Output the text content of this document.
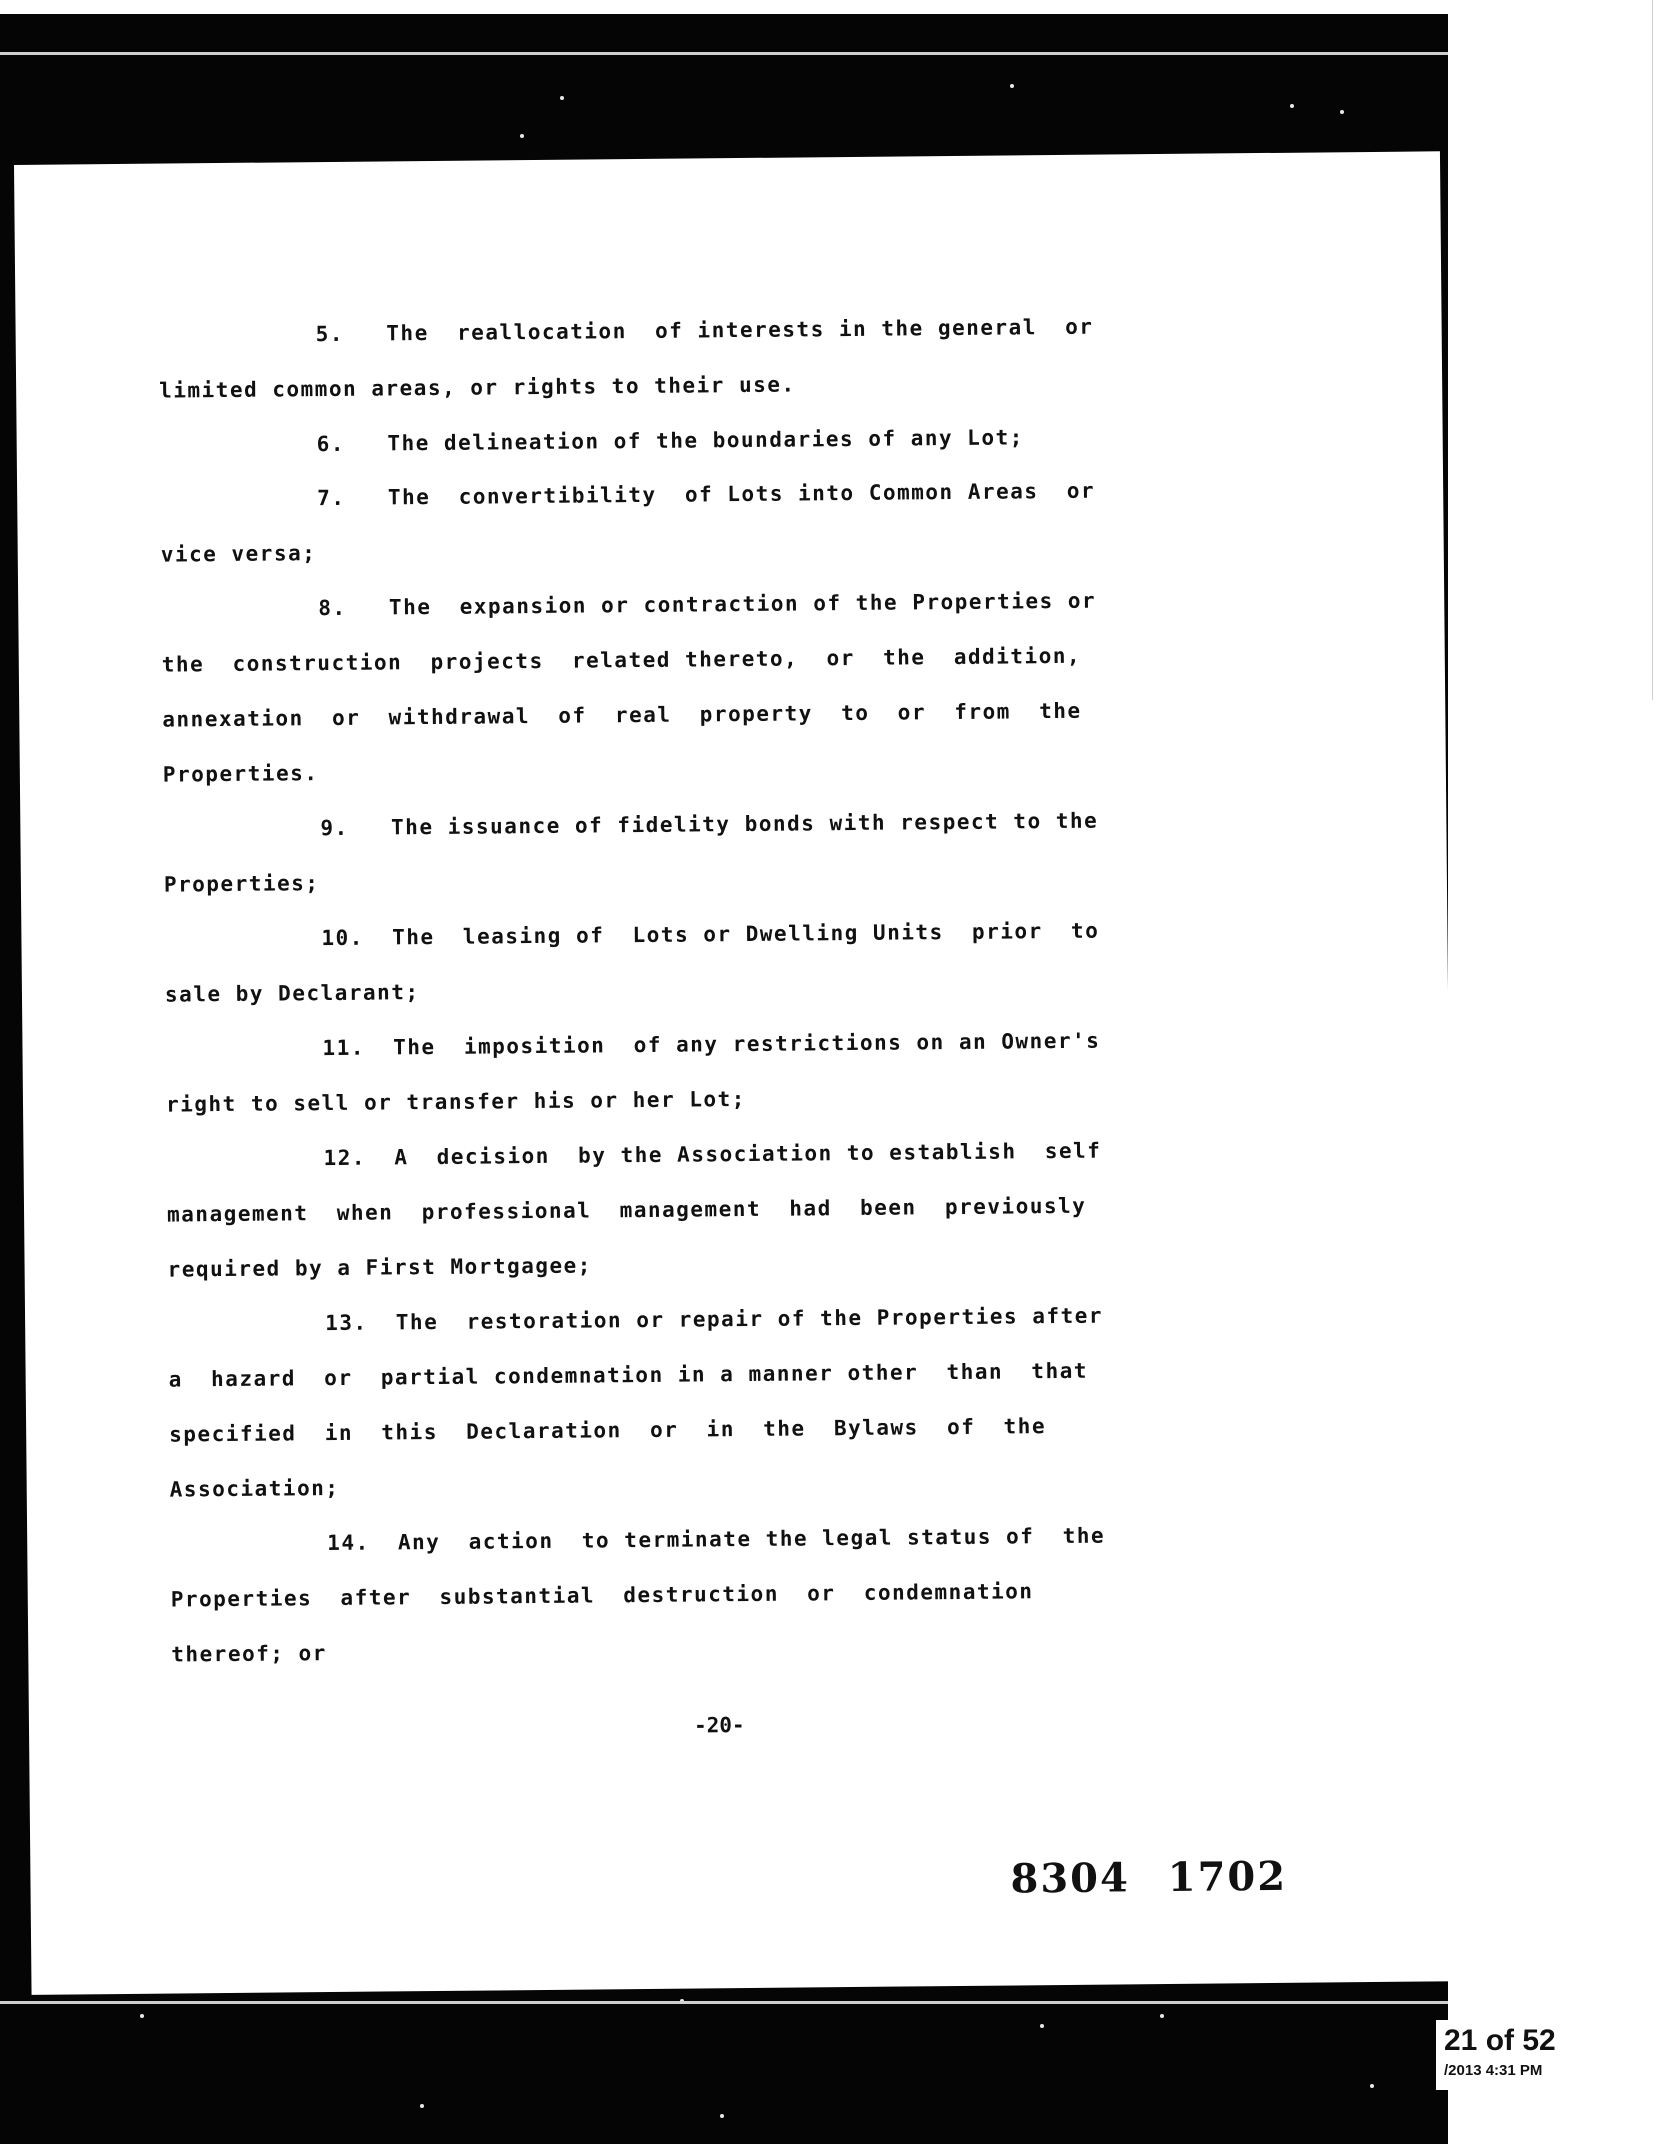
5.   The  reallocation  of interests in the general  or

limited common areas, or rights to their use.

6.   The delineation of the boundaries of any Lot;

7.   The  convertibility  of Lots into Common Areas  or

vice versa;

8.   The  expansion or contraction of the Properties or

the  construction  projects  related thereto,  or  the  addition,

annexation  or  withdrawal  of  real  property  to  or  from  the

Properties.

9.   The issuance of fidelity bonds with respect to the

Properties;

10.  The  leasing of  Lots or Dwelling Units  prior  to

sale by Declarant;

11.  The  imposition  of any restrictions on an Owner's

right to sell or transfer his or her Lot;

12.  A  decision  by the Association to establish  self

management  when  professional  management  had  been  previously

required by a First Mortgagee;

13.  The  restoration or repair of the Properties after

a  hazard  or  partial condemnation in a manner other  than  that

specified  in  this  Declaration  or  in  the  Bylaws  of  the

Association;

14.  Any  action  to terminate the legal status of  the

Properties  after  substantial  destruction  or  condemnation

thereof; or

-20-
8304 1702
21 of 52
/2013 4:31 PM
